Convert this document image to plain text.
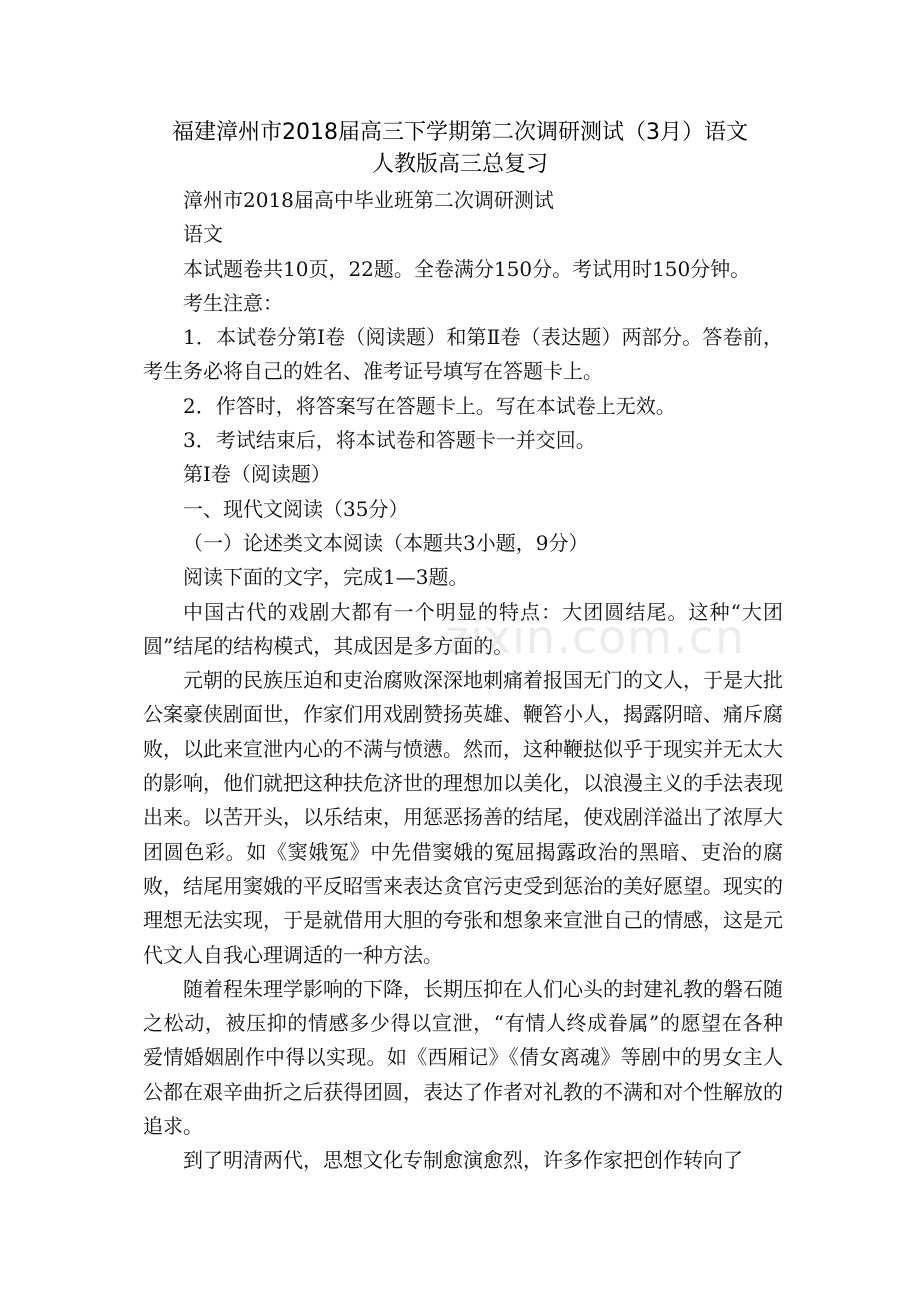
福建漳州市2018届高三下学期第二次调研测试（3月）语文
人教版高三总复习

漳州市2018届高中毕业班第二次调研测试

语文

本试题卷共10页，22题。全卷满分150分。考试用时150分钟。

考生注意：

1．本试卷分第Ⅰ卷（阅读题）和第Ⅱ卷（表达题）两部分。答卷前，考生务必将自己的姓名、准考证号填写在答题卡上。

2．作答时，将答案写在答题卡上。写在本试卷上无效。

3．考试结束后，将本试卷和答题卡一并交回。

第Ⅰ卷（阅读题）

一、现代文阅读（35分）

（一）论述类文本阅读（本题共3小题，9分）

阅读下面的文字，完成1—3题。

中国古代的戏剧大都有一个明显的特点：大团圆结尾。这种“大团圆”结尾的结构模式，其成因是多方面的。

元朝的民族压迫和吏治腐败深深地刺痛着报国无门的文人，于是大批公案豪侠剧面世，作家们用戏剧赞扬英雄、鞭笞小人，揭露阴暗、痛斥腐败，以此来宣泄内心的不满与愤懑。然而，这种鞭挞似乎于现实并无太大的影响，他们就把这种扶危济世的理想加以美化，以浪漫主义的手法表现出来。以苦开头，以乐结束，用惩恶扬善的结尾，使戏剧洋溢出了浓厚大团圆色彩。如《窦娥冤》中先借窦娥的冤屈揭露政治的黑暗、吏治的腐败，结尾用窦娥的平反昭雪来表达贪官污吏受到惩治的美好愿望。现实的理想无法实现，于是就借用大胆的夸张和想象来宣泄自己的情感，这是元代文人自我心理调适的一种方法。

随着程朱理学影响的下降，长期压抑在人们心头的封建礼教的磐石随之松动，被压抑的情感多少得以宣泄，“有情人终成眷属”的愿望在各种爱情婚姻剧作中得以实现。如《西厢记》《倩女离魂》等剧中的男女主人公都在艰辛曲折之后获得团圆，表达了作者对礼教的不满和对个性解放的追求。

到了明清两代，思想文化专制愈演愈烈，许多作家把创作转向了

zixin.com.cn
